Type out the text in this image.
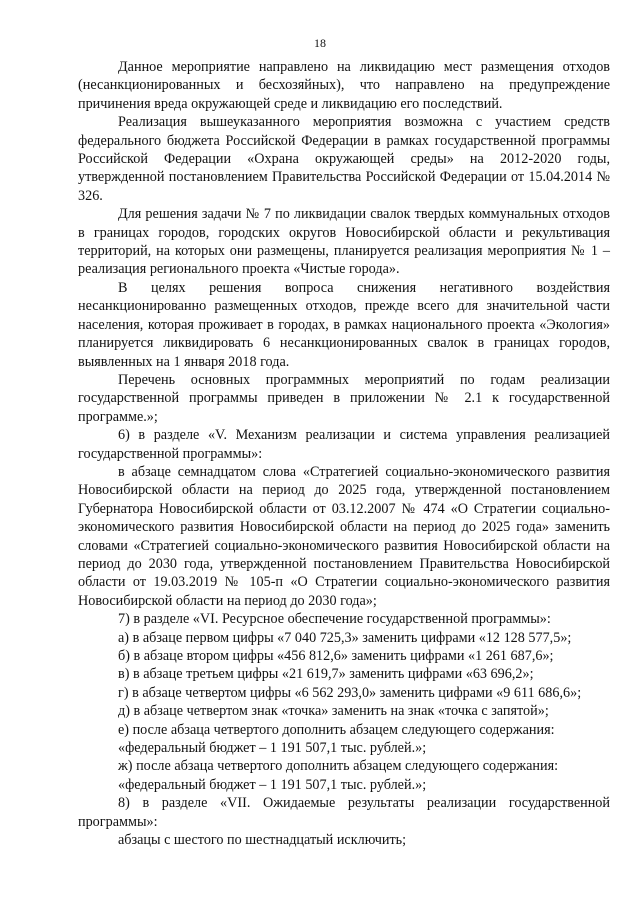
18

Данное мероприятие направлено на ликвидацию мест размещения отходов (несанкционированных и бесхозяйных), что направлено на предупреждение причинения вреда окружающей среде и ликвидацию его последствий.

Реализация вышеуказанного мероприятия возможна с участием средств федерального бюджета Российской Федерации в рамках государственной программы Российской Федерации «Охрана окружающей среды» на 2012-2020 годы, утвержденной постановлением Правительства Российской Федерации от 15.04.2014 № 326.

Для решения задачи № 7 по ликвидации свалок твердых коммунальных отходов в границах городов, городских округов Новосибирской области и рекультивация территорий, на которых они размещены, планируется реализация мероприятия № 1 – реализация регионального проекта «Чистые города».

В целях решения вопроса снижения негативного воздействия несанкционированно размещенных отходов, прежде всего для значительной части населения, которая проживает в городах, в рамках национального проекта «Экология» планируется ликвидировать 6 несанкционированных свалок в границах городов, выявленных на 1 января 2018 года.

Перечень основных программных мероприятий по годам реализации государственной программы приведен в приложении № 2.1 к государственной программе.»;

6) в разделе «V. Механизм реализации и система управления реализацией государственной программы»:

в абзаце семнадцатом слова «Стратегией социально-экономического развития Новосибирской области на период до 2025 года, утвержденной постановлением Губернатора Новосибирской области от 03.12.2007 № 474 «О Стратегии социально-экономического развития Новосибирской области на период до 2025 года» заменить словами «Стратегией социально-экономического развития Новосибирской области на период до 2030 года, утвержденной постановлением Правительства Новосибирской области от 19.03.2019 № 105-п «О Стратегии социально-экономического развития Новосибирской области на период до 2030 года»;

7) в разделе «VI. Ресурсное обеспечение государственной программы»:

а) в абзаце первом цифры «7 040 725,3» заменить цифрами «12 128 577,5»;

б) в абзаце втором цифры «456 812,6» заменить цифрами «1 261 687,6»;

в) в абзаце третьем цифры «21 619,7» заменить цифрами «63 696,2»;

г) в абзаце четвертом цифры «6 562 293,0» заменить цифрами «9 611 686,6»;

д) в абзаце четвертом знак «точка» заменить на знак «точка с запятой»;

е) после абзаца четвертого дополнить абзацем следующего содержания:

«федеральный бюджет – 1 191 507,1 тыс. рублей.»;

ж) после абзаца четвертого дополнить абзацем следующего содержания:

«федеральный бюджет – 1 191 507,1 тыс. рублей.»;

8) в разделе «VII. Ожидаемые результаты реализации государственной программы»:

абзацы с шестого по шестнадцатый исключить;
